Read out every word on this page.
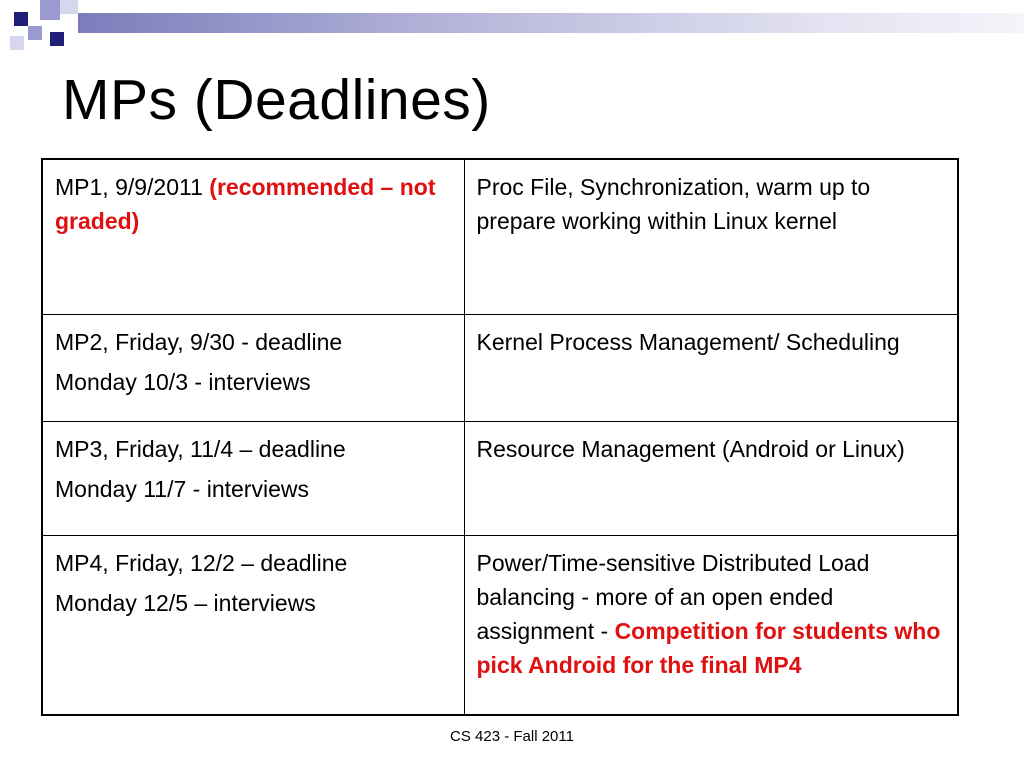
MPs (Deadlines)
MP1, 9/9/2011 (recommended – not graded)	Proc File, Synchronization, warm up to prepare working within Linux kernel

MP2, Friday, 9/30 - deadline
Monday 10/3 - interviews	Kernel Process Management/ Scheduling

MP3, Friday, 11/4 – deadline
Monday 11/7 - interviews	Resource Management (Android or Linux)

MP4, Friday, 12/2 – deadline
Monday 12/5 – interviews	Power/Time-sensitive Distributed Load balancing - more of an open ended assignment - Competition for students who pick Android for the final MP4
CS 423 - Fall 2011
